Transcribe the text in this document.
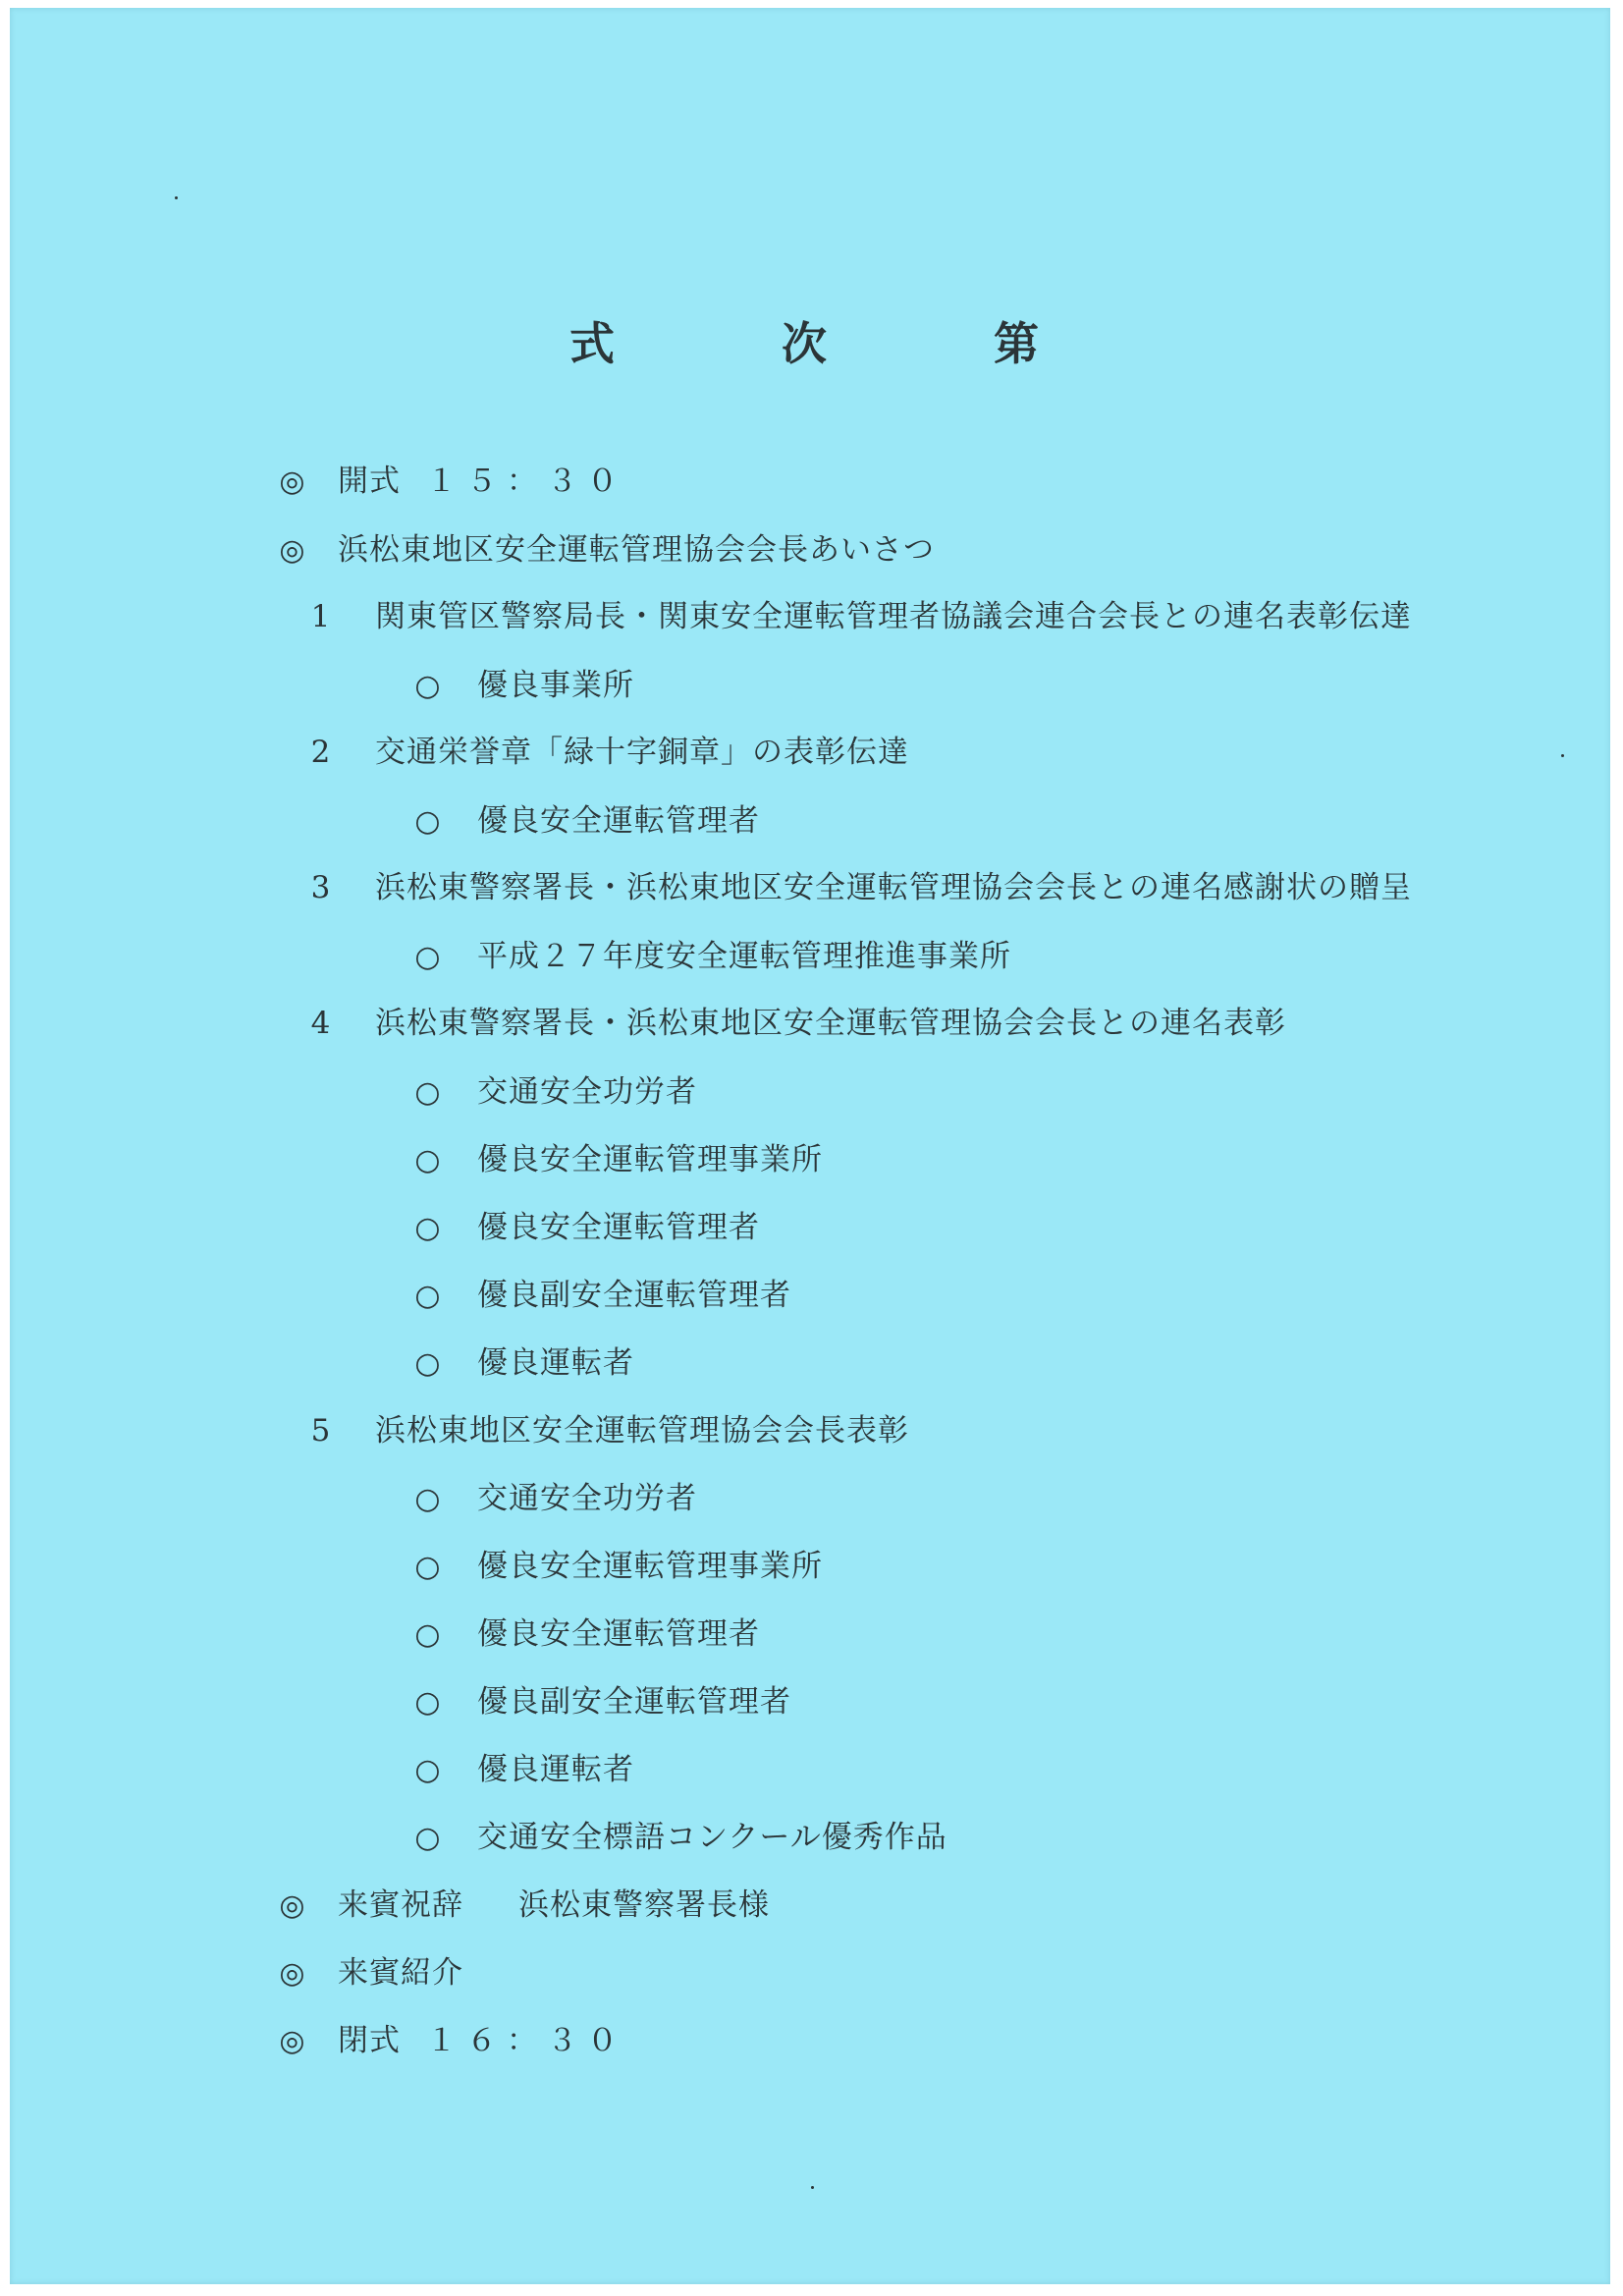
式　次　第
◎ 開式 １５：３０
◎ 浜松東地区安全運転管理協会会長あいさつ
1 関東管区警察局長・関東安全運転管理者協議会連合会長との連名表彰伝達
○ 優良事業所
2 交通栄誉章「緑十字銅章」の表彰伝達
○ 優良安全運転管理者
3 浜松東警察署長・浜松東地区安全運転管理協会会長との連名感謝状の贈呈
○ 平成２７年度安全運転管理推進事業所
4 浜松東警察署長・浜松東地区安全運転管理協会会長との連名表彰
○ 交通安全功労者
○ 優良安全運転管理事業所
○ 優良安全運転管理者
○ 優良副安全運転管理者
○ 優良運転者
5 浜松東地区安全運転管理協会会長表彰
○ 交通安全功労者
○ 優良安全運転管理事業所
○ 優良安全運転管理者
○ 優良副安全運転管理者
○ 優良運転者
○ 交通安全標語コンクール優秀作品
◎ 来賓祝辞 浜松東警察署長様
◎ 来賓紹介
◎ 閉式 １６：３０
